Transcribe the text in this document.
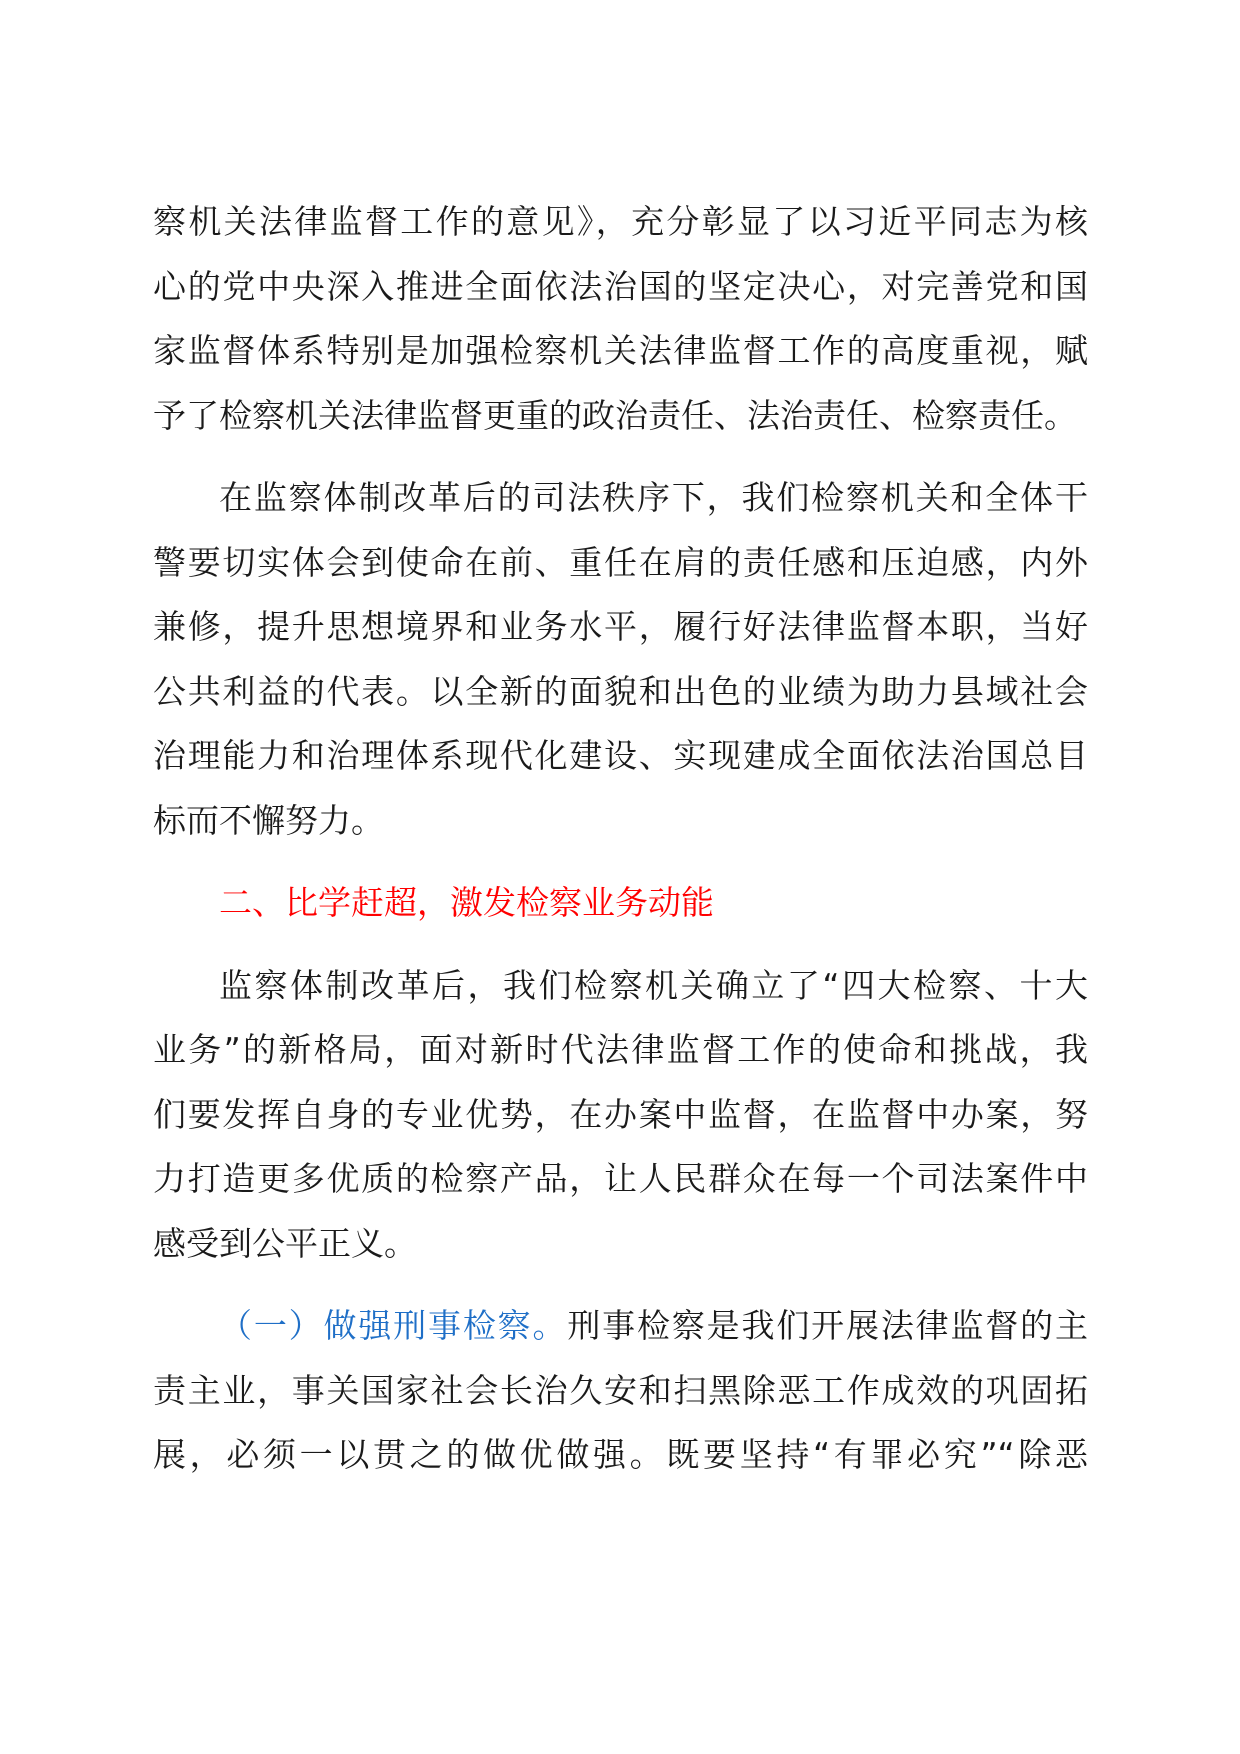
察机关法律监督工作的意见》，充分彰显了以习近平同志为核
心的党中央深入推进全面依法治国的坚定决心，对完善党和国
家监督体系特别是加强检察机关法律监督工作的高度重视，赋
予了检察机关法律监督更重的政治责任、法治责任、检察责任。
在监察体制改革后的司法秩序下，我们检察机关和全体干
警要切实体会到使命在前、重任在肩的责任感和压迫感，内外
兼修，提升思想境界和业务水平，履行好法律监督本职，当好
公共利益的代表。以全新的面貌和出色的业绩为助力县域社会
治理能力和治理体系现代化建设、实现建成全面依法治国总目
标而不懈努力。
二、比学赶超，激发检察业务动能
监察体制改革后，我们检察机关确立了“四大检察、十大
业务”的新格局，面对新时代法律监督工作的使命和挑战，我
们要发挥自身的专业优势，在办案中监督，在监督中办案，努
力打造更多优质的检察产品，让人民群众在每一个司法案件中
感受到公平正义。
（一）做强刑事检察。刑事检察是我们开展法律监督的主
责主业，事关国家社会长治久安和扫黑除恶工作成效的巩固拓
展，必须一以贯之的做优做强。既要坚持“有罪必究”“除恶
